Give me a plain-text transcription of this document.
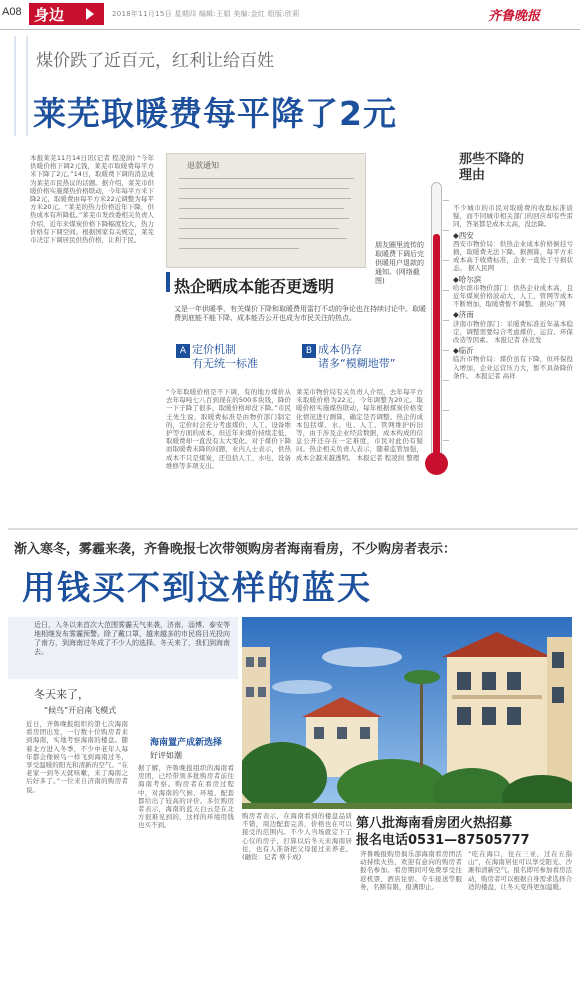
A08 身边	2018年11月15日 星期四 编辑:王娟 美编:金红 组版:欣莉	齐鲁晚报
煤价跌了近百元，红利让给百姓
莱芜取暖费每平降了2元
本报莱芜11月14日讯(记者 程凌润) “今年供暖价格下调2元钱，莱芜市取暖费每平方米下降了2元。”14日，取暖费下调的消息成为莱芜市民热议的话题。据介绍，莱芜市供暖价格实施煤热价格联动，今年每平方米下降2元，取暖费由每平方米22元调整为每平方米20元。“莱芜的热力价格近年下降，供热成本有所降低。”莱芜市发改委相关负责人介绍，近年来煤炭价格下降幅度较大，热力价格有下调空间。根据国家有关规定，莱芜市决定下调居民供热价格，让利于民。
退款通知
朋友圈里流传的取暖费下调后完供暖用户退款的通知。(网络截图)
热企晒成本能否更透明
又是一年供暖季，有关煤价下降和取暖费用雷打不动的争论也在持续讨论中。取暖费到底能不能下降、成本能否公开也成为市民关注的热点。
A 定价机制
有无统一标准
B 成本仍存
诸多“模糊地带”
“今年取暖价格是不下调，有的地方煤价从去年每吨七八百到现在的500多块钱，降价一下子降了很多，取暖价格却没下降。”市民王先生说，取暖费标准是由物价部门制定的，定价时会充分考虑煤价、人工、设备维护等方面的成本，但近年来煤价持续走低，取暖费却一直没有太大变化。对于煤价下降而取暖费未降的问题，业内人士表示，供热成本不只是煤炭，还包括人工、水电、设备维修等多项支出。
莱芜市物价局有关负责人介绍，去年每平方米取暖价格为22元，今年调整为20元。取暖价格实施煤热联动，每年根据煤炭价格变化情况进行测算，确定是否调整。热企的成本包括煤、水、电、人工、管网维护折旧等，由于涉及企业经营数据，成本构成的信息公开还存在一定难度，市民对此仍有疑问。热企相关负责人表示，随着监管加强，成本会越来越透明。 本报记者 程凌润 整理
那些不降的
理由
不少城市的市民对取暖费的收取标准质疑，而不同城市相关部门的回应却有些雷同，答案都是成本太高，没法降。
◆西安
西安市物价局：供热企业成本价格倒挂亏损，取暖费无法下降。据测算，每平方米成本高于收费标准，企业一直处于亏损状态。 据人民网
◆哈尔滨
哈尔滨市物价部门：供热企业成本高，且近年煤炭价格波动大，人工、管网等成本不断增加，取暖费暂不调整。 据央广网
◆济南
济南市物价部门：采暖费标准近年基本稳定，调整需要综合考虑煤价、运营、环保改造等因素。 本报记者 孙竞发
◆临沂
临沂市物价局：煤价虽有下降，但环保投入增加，企业运营压力大，暂不具备降价条件。 本报记者 高祥
渐入寒冬，雾霾来袭，齐鲁晚报七次带领购房者海南看房，不少购房者表示：
用钱买不到这样的蓝天
近日，入冬以来首次大范围雾霾天气来袭，济南、淄博、泰安等地相继发布雾霾预警。除了戴口罩，越来越多的市民将目光投向了南方，到海南过冬成了不少人的选择。冬天来了，我们到海南去。
冬天来了，
“候鸟”开启南飞模式
近日，齐鲁晚报组织的第七次海南看房团出发，一行数十位购房者来到海南，实地考察海南的楼盘。随着北方进入冬季，不少中老年人每年都会像候鸟一样飞到海南过冬，享受温暖的阳光和清新的空气。“在老家一到冬天就咳嗽，来了海南之后好多了。”一位来自济南的购房者说。
海南置产成新选择
好评如潮
据了解，齐鲁晚报组织的海南看房团，已经带领多批购房者前往海南考察。购房者在看房过程中，对海南的气候、环境、配套都给出了较高的评价。多位购房者表示，海南的蓝天白云是在北方很难见到的，这样的环境用钱也买不到。
购房者表示，在海南看到的楼盘品质不错，周边配套完善，价格也在可以接受的范围内。不少人当场就定下了心仪的房子，打算以后冬天来海南居住，也有人准备把父母接过来养老。 (融资：记者 蔡卡成)
第八批海南看房团火热招募
报名电话0531—87505777
齐鲁晚报购房俱乐部海南看房团活动持续火热，欢迎有意向的购房者报名参加。看房期间可免费享受往返机票、酒店住宿、专车接送等服务，名额有限，报满即止。
“吃在海口，住在三亚，过在五指山”，在海南居住可以享受阳光、沙滩和清新空气。报名即可参加看房活动，购房者可以根据自身需求选择合适的楼盘，让冬天变得更加温暖。
